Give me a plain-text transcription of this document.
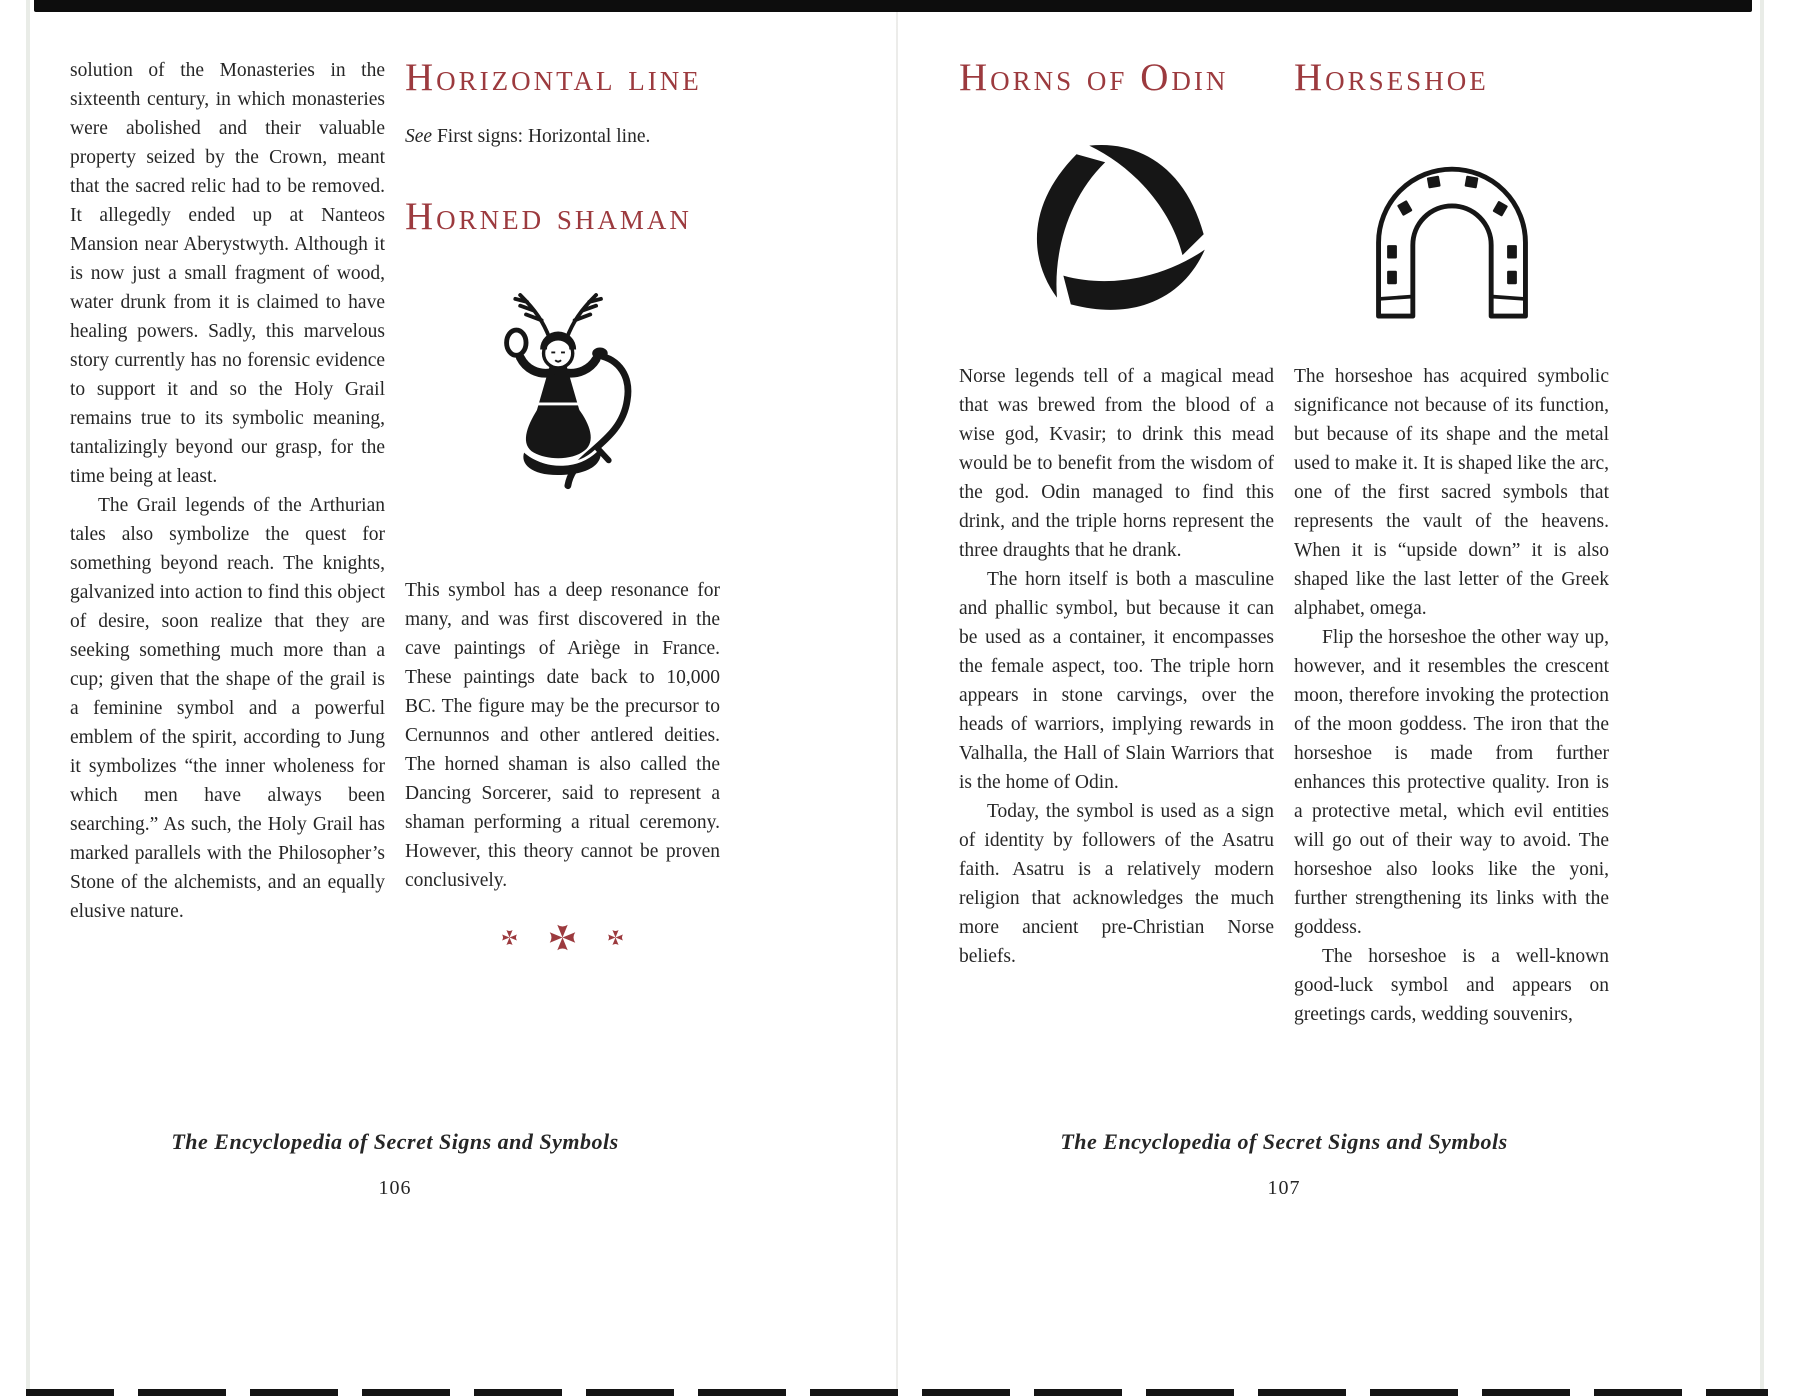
solution of the Monasteries in the sixteenth century, in which monasteries were abolished and their valuable property seized by the Crown, meant that the sacred relic had to be removed. It allegedly ended up at Nanteos Mansion near Aberystwyth. Although it is now just a small fragment of wood, water drunk from it is claimed to have healing powers. Sadly, this marvelous story currently has no forensic evidence to support it and so the Holy Grail remains true to its symbolic meaning, tantalizingly beyond our grasp, for the time being at least.

The Grail legends of the Arthurian tales also symbolize the quest for something beyond reach. The knights, galvanized into action to find this object of desire, soon realize that they are seeking something much more than a cup; given that the shape of the grail is a feminine symbol and a powerful emblem of the spirit, according to Jung it symbolizes “the inner wholeness for which men have always been searching.” As such, the Holy Grail has marked parallels with the Philosopher’s Stone of the alchemists, and an equally elusive nature.

Horizontal line

See First signs: Horizontal line.

Horned shaman

This symbol has a deep resonance for many, and was first discovered in the cave paintings of Ariège in France. These paintings date back to 10,000 BC. The figure may be the precursor to Cernunnos and other antlered deities. The horned shaman is also called the Dancing Sorcerer, said to represent a shaman performing a ritual ceremony. However, this theory cannot be proven conclusively.

The Encyclopedia of Secret Signs and Symbols

106
Horns of Odin

Norse legends tell of a magical mead that was brewed from the blood of a wise god, Kvasir; to drink this mead would be to benefit from the wisdom of the god. Odin managed to find this drink, and the triple horns represent the three draughts that he drank.

The horn itself is both a masculine and phallic symbol, but because it can be used as a container, it encompasses the female aspect, too. The triple horn appears in stone carvings, over the heads of warriors, implying rewards in Valhalla, the Hall of Slain Warriors that is the home of Odin.

Today, the symbol is used as a sign of identity by followers of the Asatru faith. Asatru is a relatively modern religion that acknowledges the much more ancient pre-Christian Norse beliefs.

Horseshoe

The horseshoe has acquired symbolic significance not because of its function, but because of its shape and the metal used to make it. It is shaped like the arc, one of the first sacred symbols that represents the vault of the heavens. When it is “upside down” it is also shaped like the last letter of the Greek alphabet, omega.

Flip the horseshoe the other way up, however, and it resembles the crescent moon, therefore invoking the protection of the moon goddess. The iron that the horseshoe is made from further enhances this protective quality. Iron is a protective metal, which evil entities will go out of their way to avoid. The horseshoe also looks like the yoni, further strengthening its links with the goddess.

The horseshoe is a well-known good-luck symbol and appears on greetings cards, wedding souvenirs,

The Encyclopedia of Secret Signs and Symbols

107
